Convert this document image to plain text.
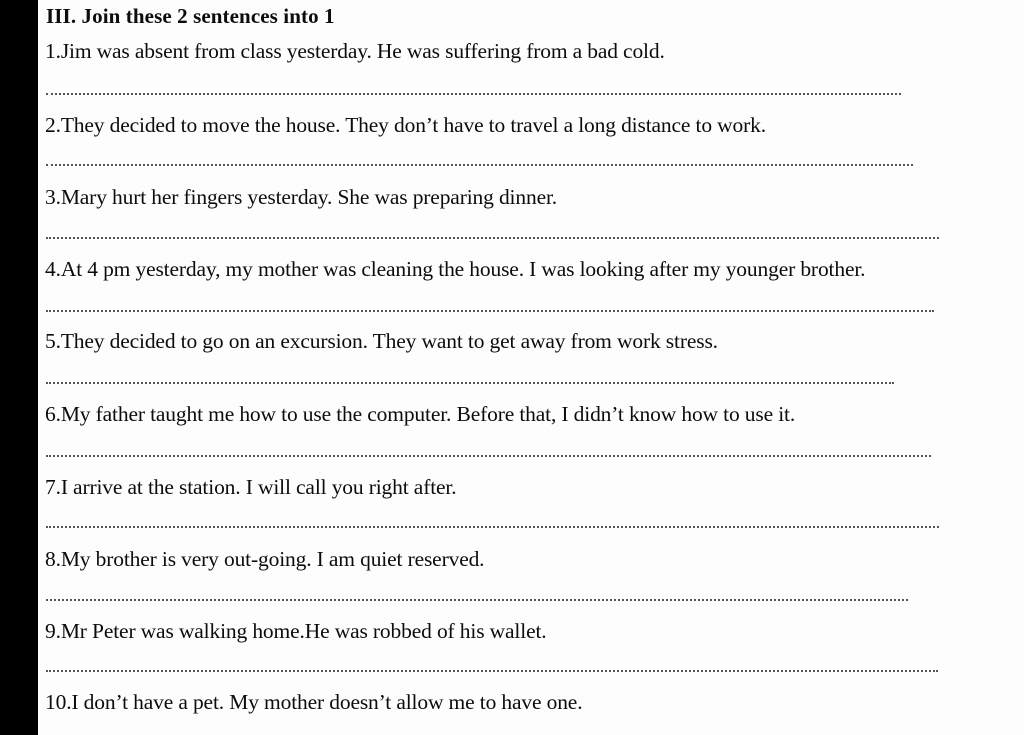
III. Join these 2 sentences into 1
1.Jim was absent from class yesterday. He was suffering from a bad cold.
2.They decided to move the house. They don’t have to travel a long distance to work.
3.Mary hurt her fingers yesterday. She was preparing dinner.
4.At 4 pm yesterday, my mother was cleaning the house. I was looking after my younger brother.
5.They decided to go on an excursion. They want to get away from work stress.
6.My father taught me how to use the computer. Before that, I didn’t know how to use it.
7.I arrive at the station. I will call you right after.
8.My brother is very out-going. I am quiet reserved.
9.Mr Peter was walking home.He was robbed of his wallet.
10.I don’t have a pet. My mother doesn’t allow me to have one.
